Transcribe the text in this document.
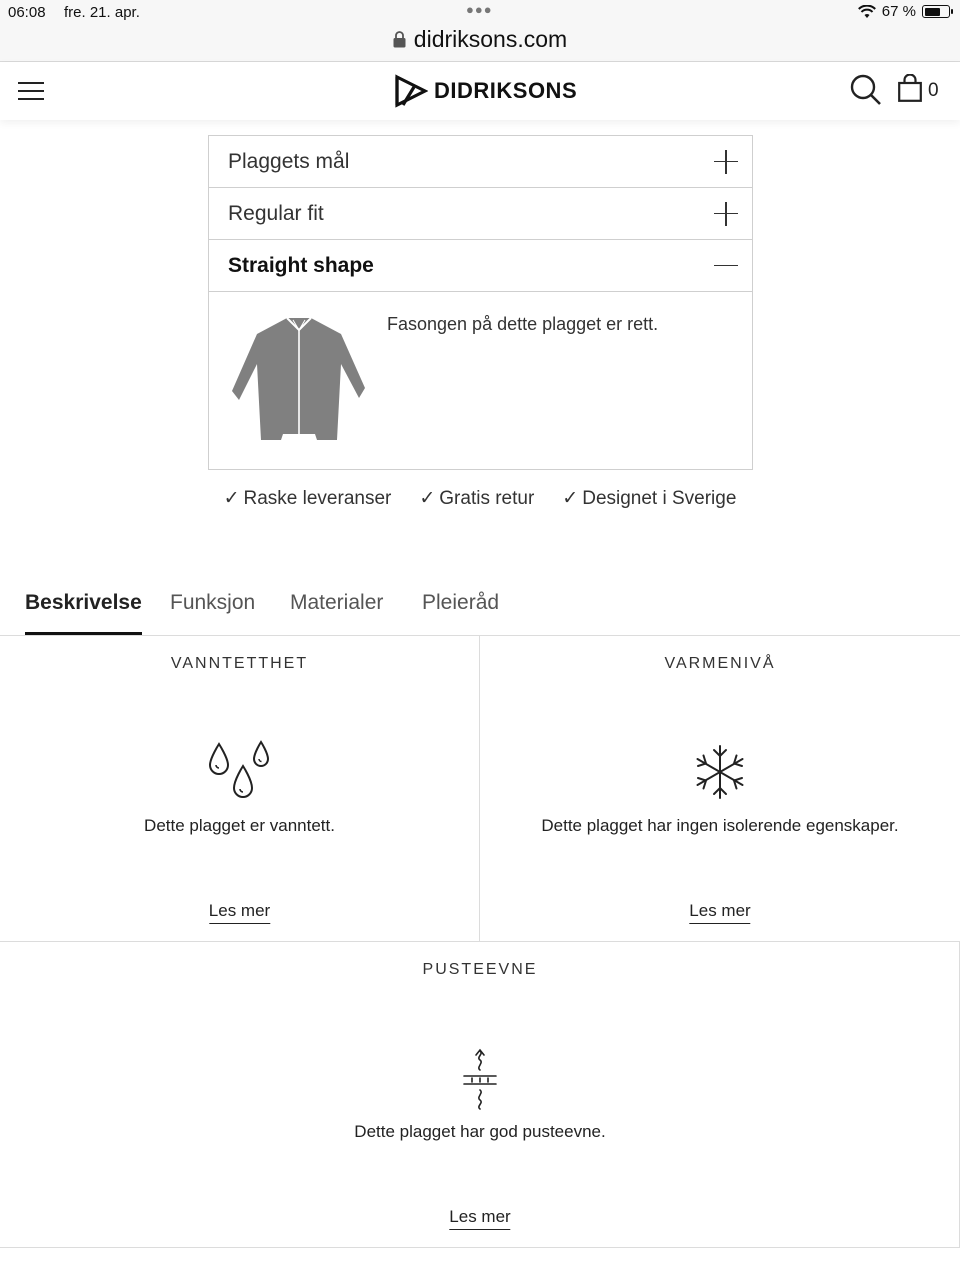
06:08 fre. 21. apr.	●●●	67 %
didriksons.com
DIDRIKSONS	0
Plaggets mål
Regular fit
Straight shape
Fasongen på dette plagget er rett.
✓ Raske leveranser ✓ Gratis retur ✓ Designet i Sverige
Beskrivelse Funksjon Materialer Pleieråd
VANNTETTHET
Dette plagget er vanntett.
Les mer
VARMENIVÅ
Dette plagget har ingen isolerende egenskaper.
Les mer
PUSTEEVNE
Dette plagget har god pusteevne.
Les mer
